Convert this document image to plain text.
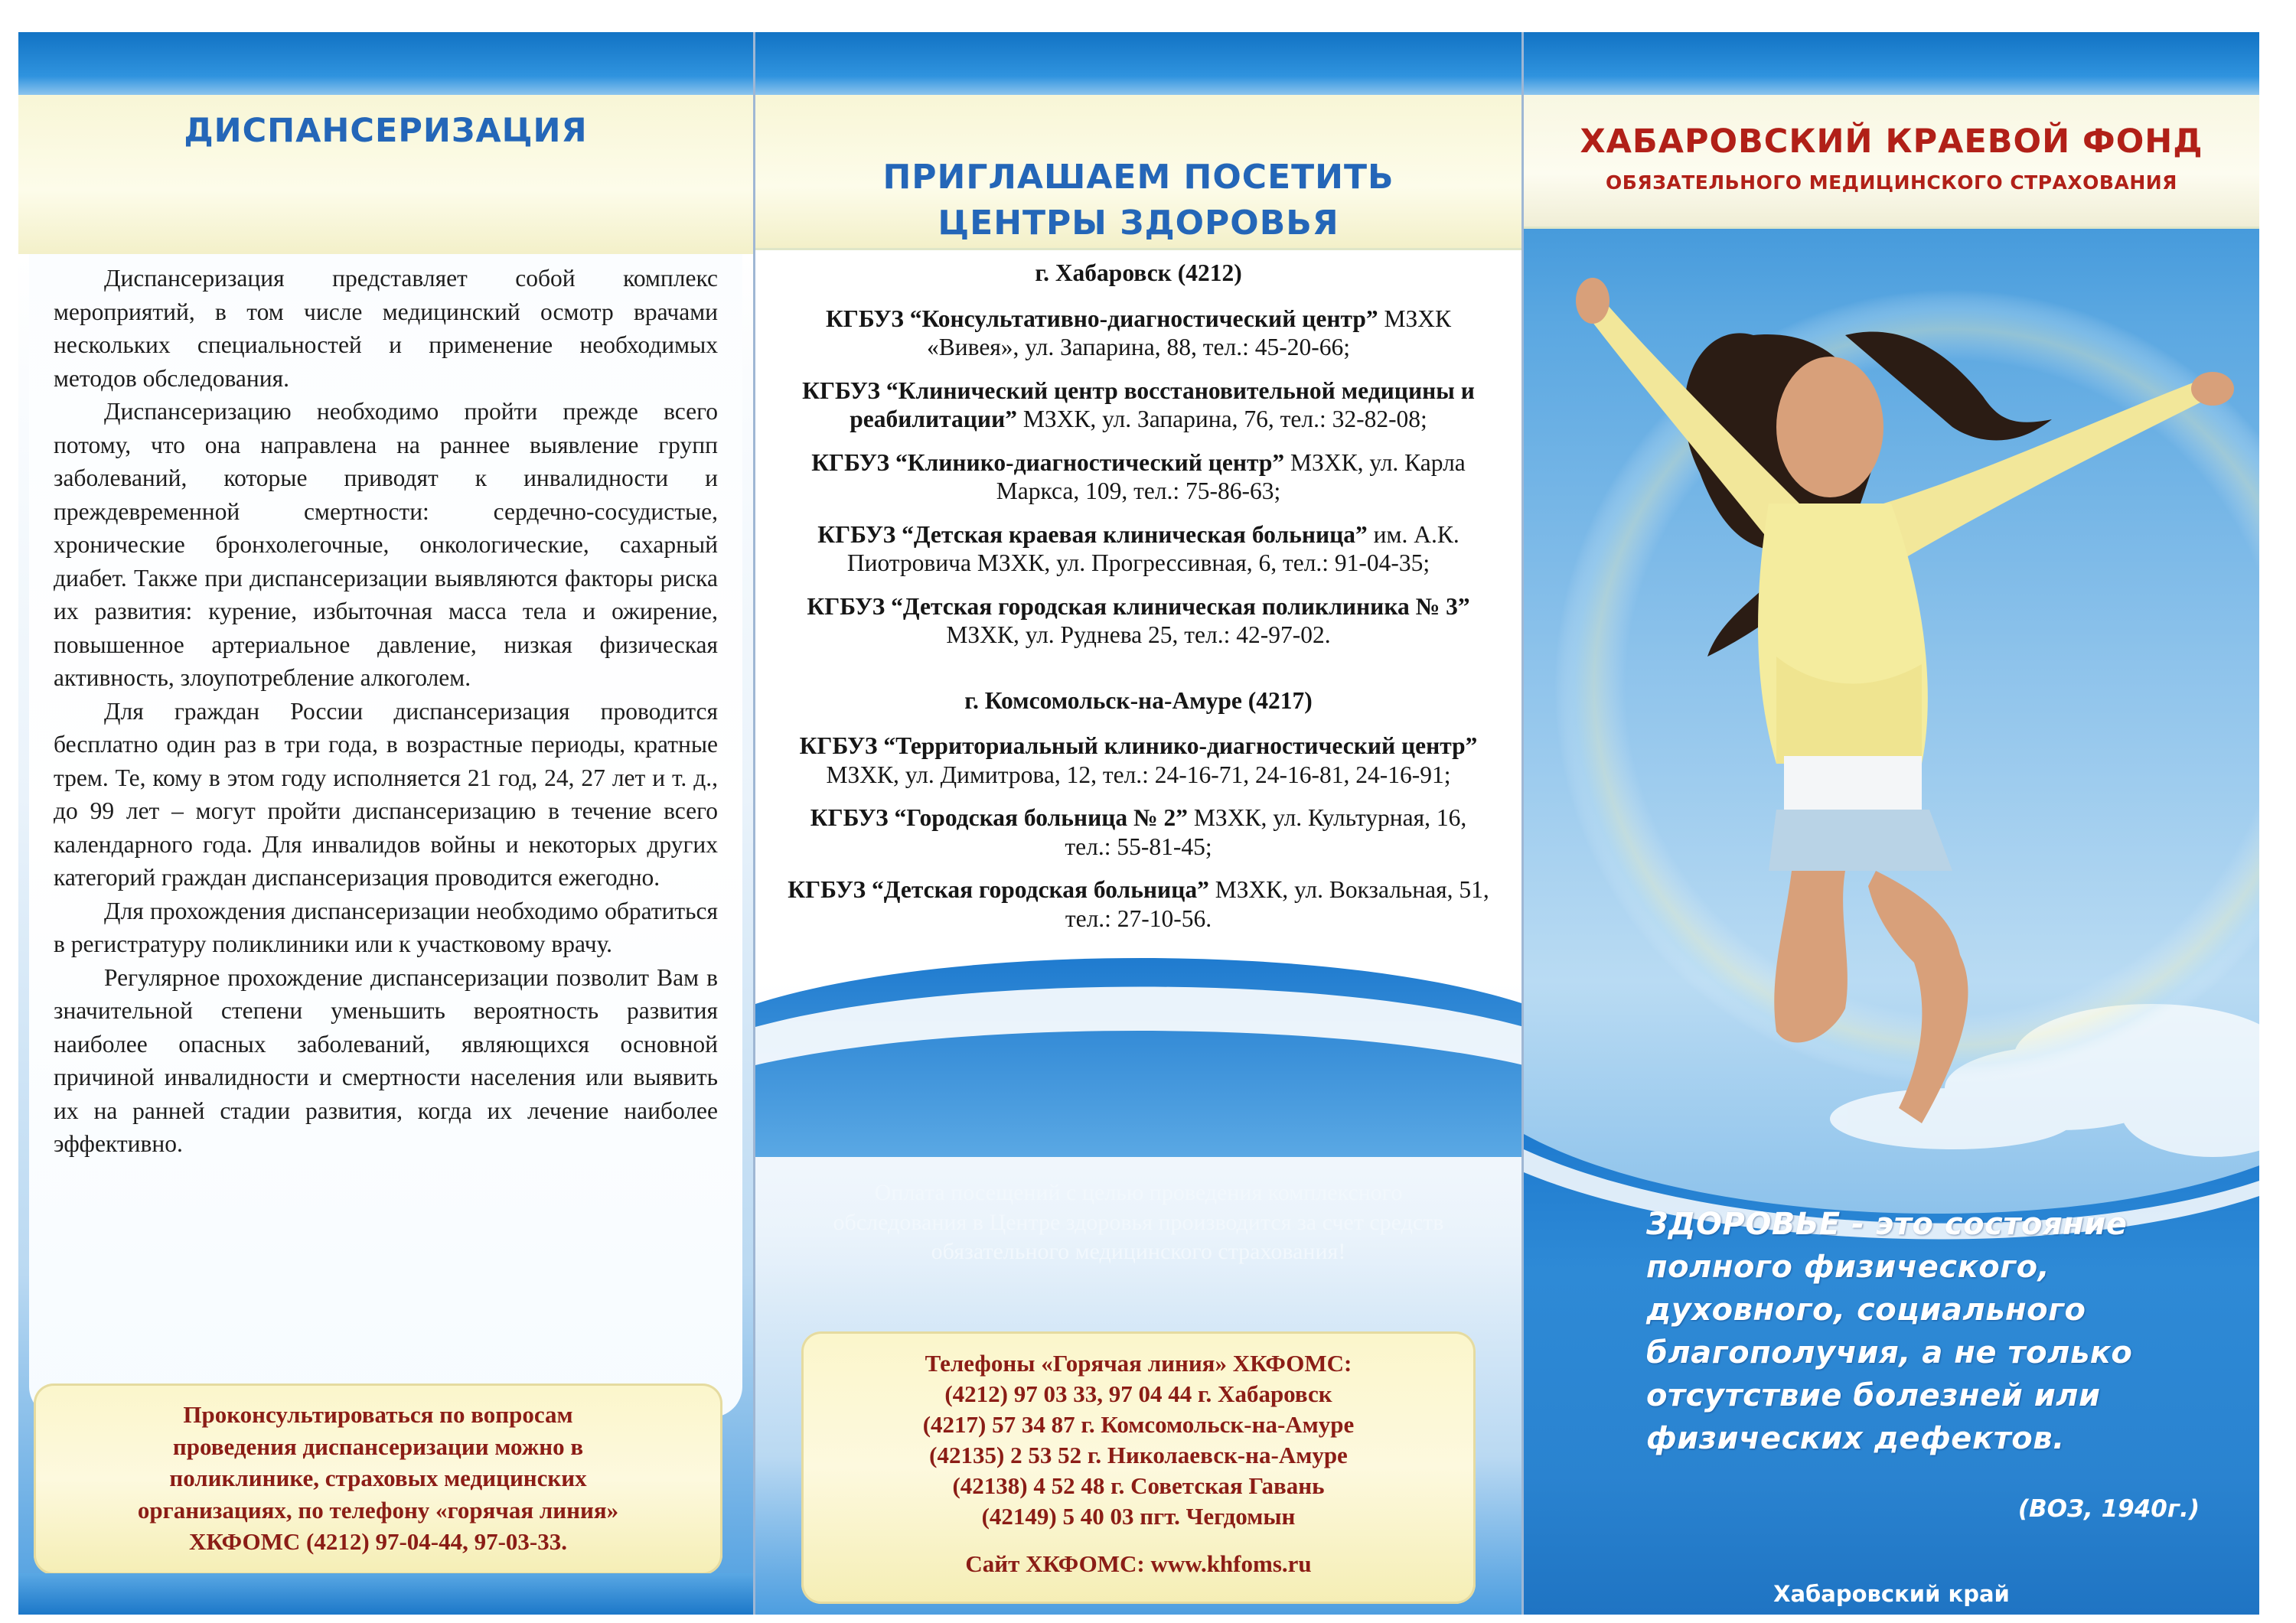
ДИСПАНСЕРИЗАЦИЯ

Диспансеризация представляет собой комплекс мероприятий, в том числе медицинский осмотр врачами нескольких специальностей и применение необходимых методов обследования.

Диспансеризацию необходимо пройти прежде всего потому, что она направлена на раннее выявление групп заболеваний, которые приводят к инвалидности и преждевременной смертности: сердечно-сосудистые, хронические бронхолегочные, онкологические, сахарный диабет. Также при диспансеризации выявляются факторы риска их развития: курение, избыточная масса тела и ожирение, повышенное артериальное давление, низкая физическая активность, злоупотребление алкоголем.

Для граждан России диспансеризация проводится бесплатно один раз в три года, в возрастные периоды, кратные трем. Те, кому в этом году исполняется 21 год, 24, 27 лет и т. д., до 99 лет – могут пройти диспансеризацию в течение всего календарного года. Для инвалидов войны и некоторых других категорий граждан диспансеризация проводится ежегодно.

Для прохождения диспансеризации необходимо обратиться в регистратуру поликлиники или к участковому врачу.

Регулярное прохождение диспансеризации позволит Вам в значительной степени уменьшить вероятность развития наиболее опасных заболеваний, являющихся основной причиной инвалидности и смертности населения или выявить их на ранней стадии развития, когда их лечение наиболее эффективно.

Проконсультироваться по вопросам
проведения диспансеризации можно в
поликлинике, страховых медицинских
организациях, по телефону «горячая линия»
ХКФОМС (4212) 97-04-44, 97-03-33.
ПРИГЛАШАЕМ ПОСЕТИТЬ
ЦЕНТРЫ ЗДОРОВЬЯ
г. Хабаровск (4212)
КГБУЗ “Консультативно-диагностический центр” МЗХК «Вивея», ул. Запарина, 88, тел.: 45-20-66;
КГБУЗ “Клинический центр восстановительной медицины и реабилитации” МЗХК, ул. Запарина, 76, тел.: 32-82-08;
КГБУЗ “Клинико-диагностический центр” МЗХК, ул. Карла Маркса, 109, тел.: 75-86-63;
КГБУЗ “Детская краевая клиническая больница” им. А.К. Пиотровича МЗХК, ул. Прогрессивная, 6, тел.: 91-04-35;
КГБУЗ “Детская городская клиническая поликлиника № 3” МЗХК, ул. Руднева 25, тел.: 42-97-02.
г. Комсомольск-на-Амуре (4217)
КГБУЗ “Территориальный клинико-диагностический центр” МЗХК, ул. Димитрова, 12, тел.: 24-16-71, 24-16-81, 24-16-91;
КГБУЗ “Городская больница № 2” МЗХК, ул. Культурная, 16, тел.: 55-81-45;
КГБУЗ “Детская городская больница” МЗХК, ул. Вокзальная, 51, тел.: 27-10-56.
Оплата посещений с целью проведения комплексного обследования в Центре здоровья производится за счет средств обязательного медицинского страхования!
Телефоны «Горячая линия» ХКФОМС:
(4212) 97 03 33, 97 04 44 г. Хабаровск
(4217) 57 34 87 г. Комсомольск-на-Амуре
(42135) 2 53 52 г. Николаевск-на-Амуре
(42138) 4 52 48 г. Советская Гавань
(42149) 5 40 03 пгт. Чегдомын
Сайт ХКФОМС: www.khfoms.ru
ХАБАРОВСКИЙ КРАЕВОЙ ФОНД
ОБЯЗАТЕЛЬНОГО МЕДИЦИНСКОГО СТРАХОВАНИЯ
ЗДОРОВЬЕ - это состояние
полного физического,
духовного, социального
благополучия, а не только
отсутствие болезней или
физических дефектов.
(ВОЗ, 1940г.)
Хабаровский край
